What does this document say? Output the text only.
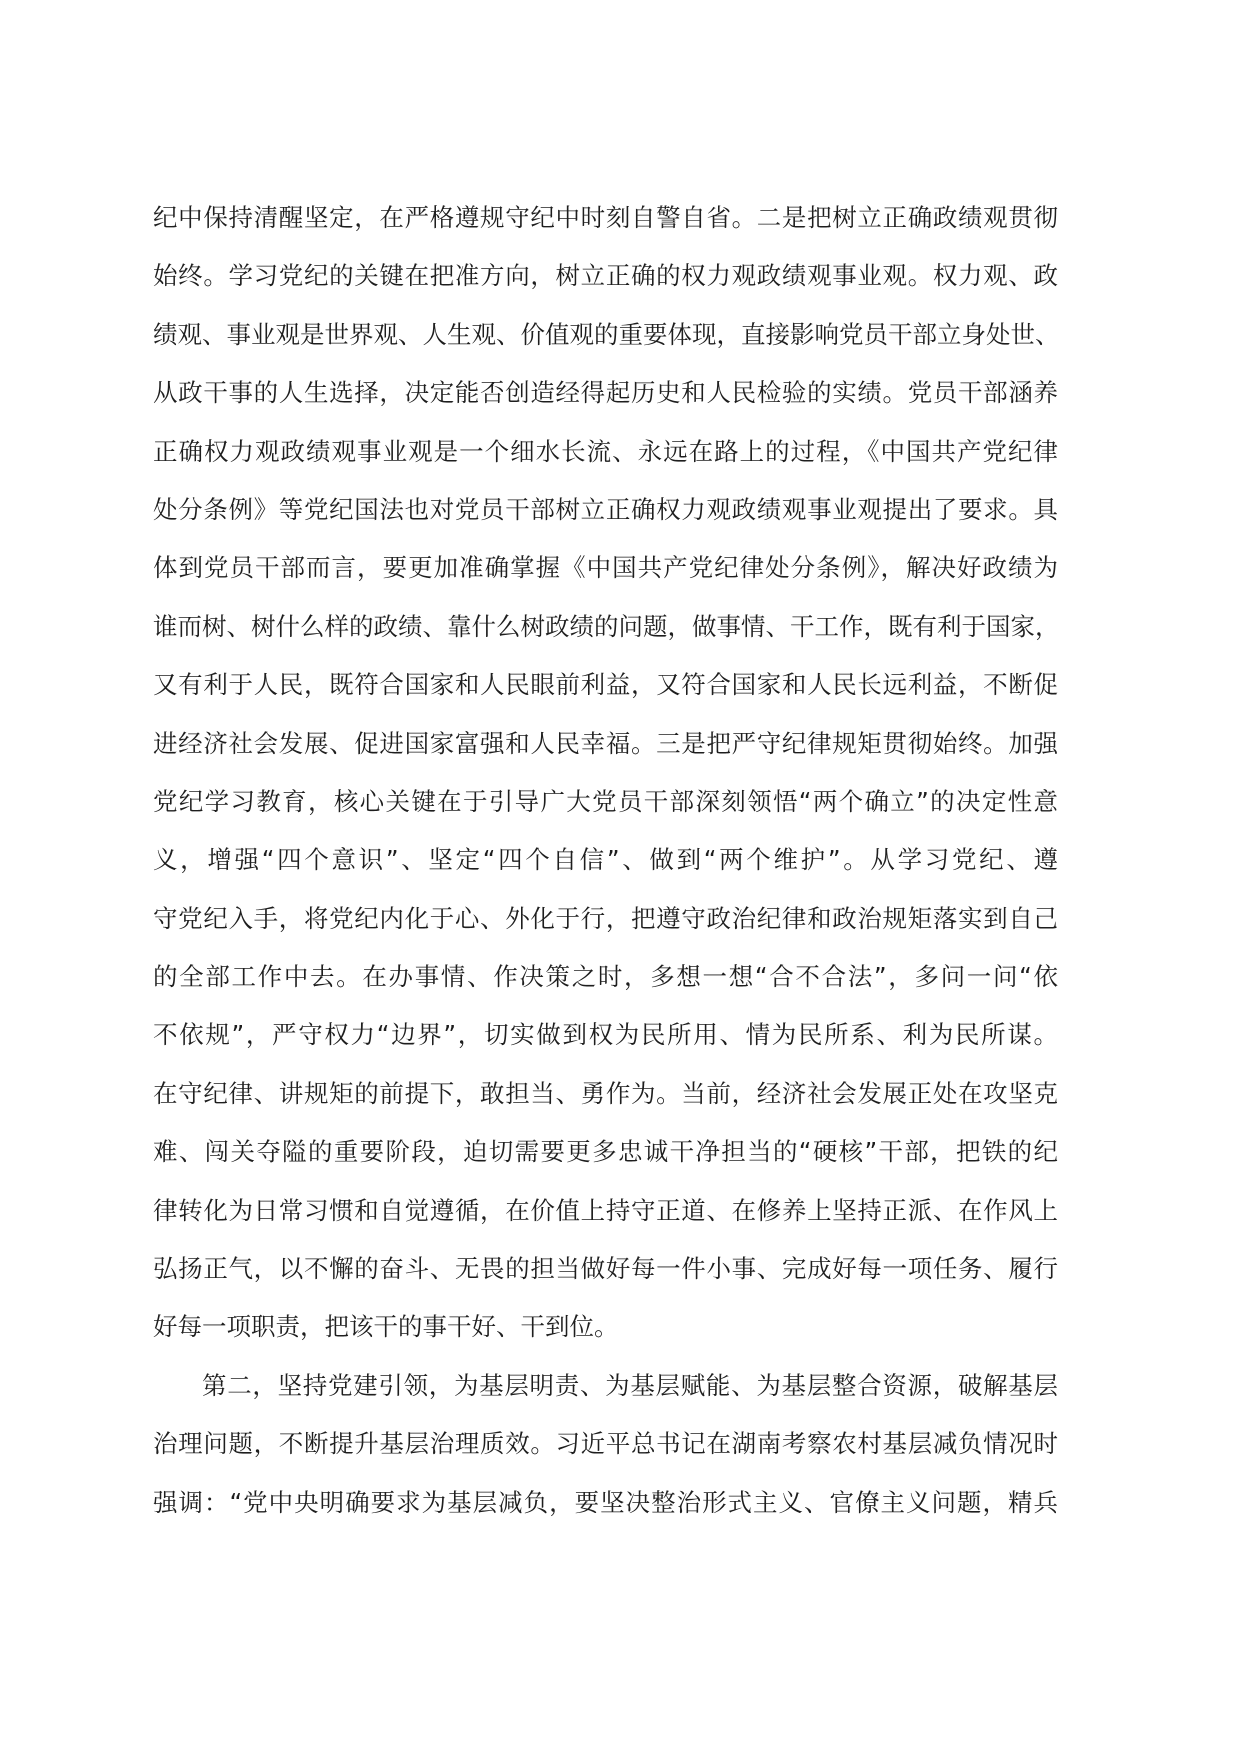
纪中保持清醒坚定，在严格遵规守纪中时刻自警自省。二是把树立正确政绩观贯彻
始终。学习党纪的关键在把准方向，树立正确的权力观政绩观事业观。权力观、政
绩观、事业观是世界观、人生观、价值观的重要体现，直接影响党员干部立身处世、
从政干事的人生选择，决定能否创造经得起历史和人民检验的实绩。党员干部涵养
正确权力观政绩观事业观是一个细水长流、永远在路上的过程，《中国共产党纪律
处分条例》等党纪国法也对党员干部树立正确权力观政绩观事业观提出了要求。具
体到党员干部而言，要更加准确掌握《中国共产党纪律处分条例》，解决好政绩为
谁而树、树什么样的政绩、靠什么树政绩的问题，做事情、干工作，既有利于国家，
又有利于人民，既符合国家和人民眼前利益，又符合国家和人民长远利益，不断促
进经济社会发展、促进国家富强和人民幸福。三是把严守纪律规矩贯彻始终。加强
党纪学习教育，核心关键在于引导广大党员干部深刻领悟“两个确立”的决定性意
义，增强“四个意识”、坚定“四个自信”、做到“两个维护”。从学习党纪、遵
守党纪入手，将党纪内化于心、外化于行，把遵守政治纪律和政治规矩落实到自己
的全部工作中去。在办事情、作决策之时，多想一想“合不合法”，多问一问“依
不依规”，严守权力“边界”，切实做到权为民所用、情为民所系、利为民所谋。
在守纪律、讲规矩的前提下，敢担当、勇作为。当前，经济社会发展正处在攻坚克
难、闯关夺隘的重要阶段，迫切需要更多忠诚干净担当的“硬核”干部，把铁的纪
律转化为日常习惯和自觉遵循，在价值上持守正道、在修养上坚持正派、在作风上
弘扬正气，以不懈的奋斗、无畏的担当做好每一件小事、完成好每一项任务、履行
好每一项职责，把该干的事干好、干到位。
第二，坚持党建引领，为基层明责、为基层赋能、为基层整合资源，破解基层
治理问题，不断提升基层治理质效。习近平总书记在湖南考察农村基层减负情况时
强调：“党中央明确要求为基层减负，要坚决整治形式主义、官僚主义问题，精兵
